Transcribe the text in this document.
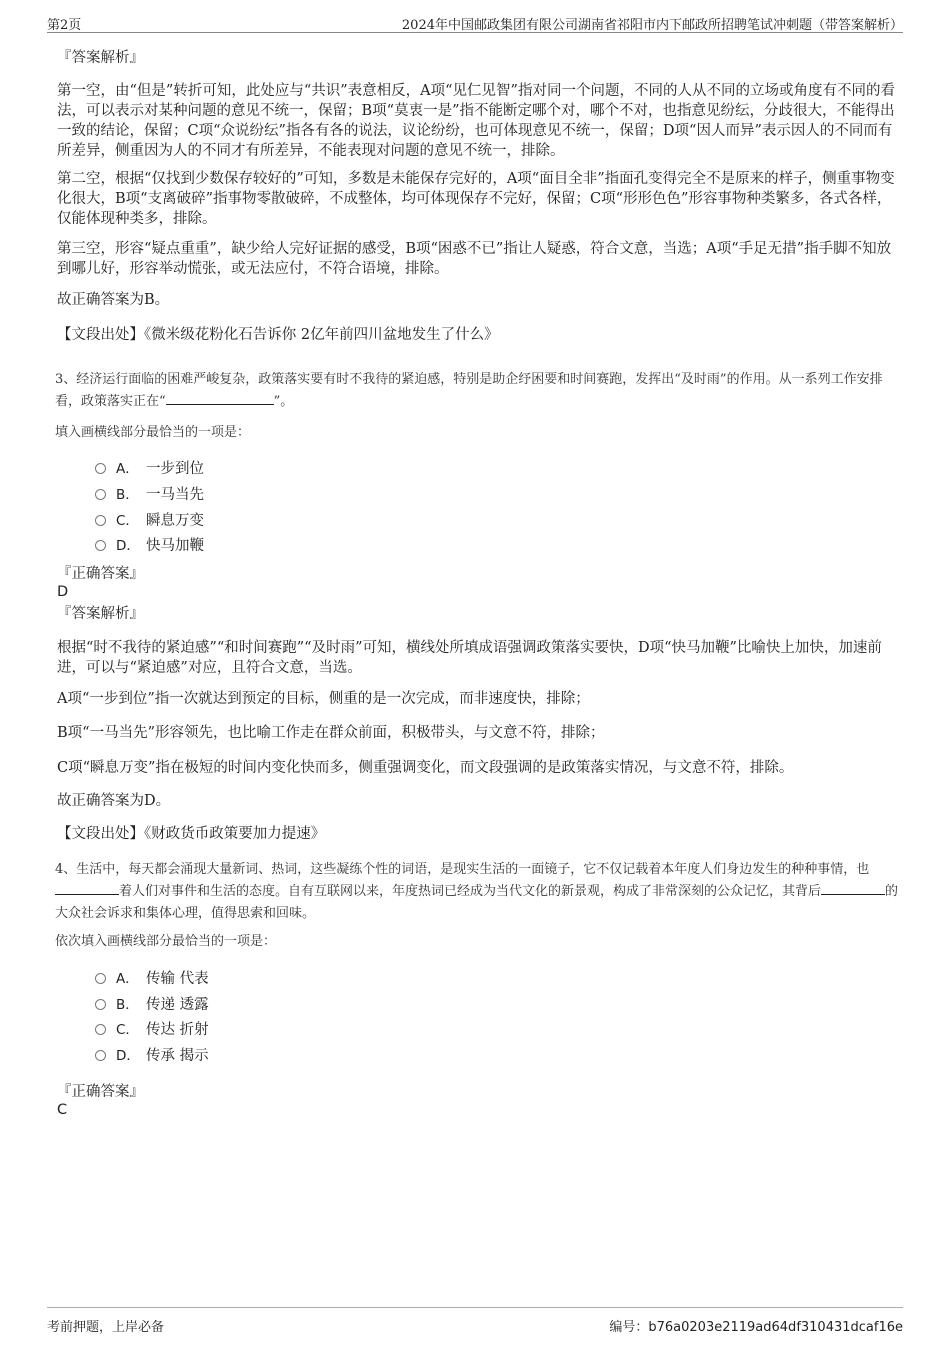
第2页	2024年中国邮政集团有限公司湖南省祁阳市内下邮政所招聘笔试冲刺题（带答案解析）
『答案解析』
第一空，由“但是”转折可知，此处应与“共识”表意相反，A项“见仁见智”指对同一个问题，不同的人从不同的立场或角度有不同的看法，可以表示对某种问题的意见不统一，保留；B项“莫衷一是”指不能断定哪个对，哪个不对，也指意见纷纭，分歧很大，不能得出一致的结论，保留；C项“众说纷纭”指各有各的说法，议论纷纷，也可体现意见不统一，保留；D项“因人而异”表示因人的不同而有所差异，侧重因为人的不同才有所差异，不能表现对问题的意见不统一，排除。
第二空，根据“仅找到少数保存较好的”可知，多数是未能保存完好的，A项“面目全非”指面孔变得完全不是原来的样子，侧重事物变化很大，B项“支离破碎”指事物零散破碎，不成整体，均可体现保存不完好，保留；C项“形形色色”形容事物种类繁多，各式各样，仅能体现种类多，排除。
第三空，形容“疑点重重”，缺少给人完好证据的感受，B项“困惑不已”指让人疑惑，符合文意，当选；A项“手足无措”指手脚不知放到哪儿好，形容举动慌张，或无法应付，不符合语境，排除。
故正确答案为B。
【文段出处】《微米级花粉化石告诉你 2亿年前四川盆地发生了什么》
3、经济运行面临的困难严峻复杂，政策落实要有时不我待的紧迫感，特别是助企纾困要和时间赛跑，发挥出“及时雨”的作用。从一系列工作安排看，政策落实正在“	”。
填入画横线部分最恰当的一项是：
A． 一步到位
B． 一马当先
C． 瞬息万变
D． 快马加鞭
『正确答案』
D
『答案解析』
根据“时不我待的紧迫感”“和时间赛跑”“及时雨”可知，横线处所填成语强调政策落实要快，D项“快马加鞭”比喻快上加快，加速前进，可以与“紧迫感”对应，且符合文意，当选。
A项“一步到位”指一次就达到预定的目标，侧重的是一次完成，而非速度快，排除；
B项“一马当先”形容领先，也比喻工作走在群众前面，积极带头，与文意不符，排除；
C项“瞬息万变”指在极短的时间内变化快而多，侧重强调变化，而文段强调的是政策落实情况，与文意不符，排除。
故正确答案为D。
【文段出处】《财政货币政策要加力提速》
4、生活中，每天都会涌现大量新词、热词，这些凝练个性的词语，是现实生活的一面镜子，它不仅记载着本年度人们身边发生的种种事情，也着人们对事件和生活的态度。自有互联网以来，年度热词已经成为当代文化的新景观，构成了非常深刻的公众记忆，其背后	的大众社会诉求和集体心理，值得思索和回味。
依次填入画横线部分最恰当的一项是：
A． 传输 代表
B． 传递 透露
C． 传达 折射
D． 传承 揭示
『正确答案』
C
考前押题，上岸必备	编号：b76a0203e2119ad64df310431dcaf16e
